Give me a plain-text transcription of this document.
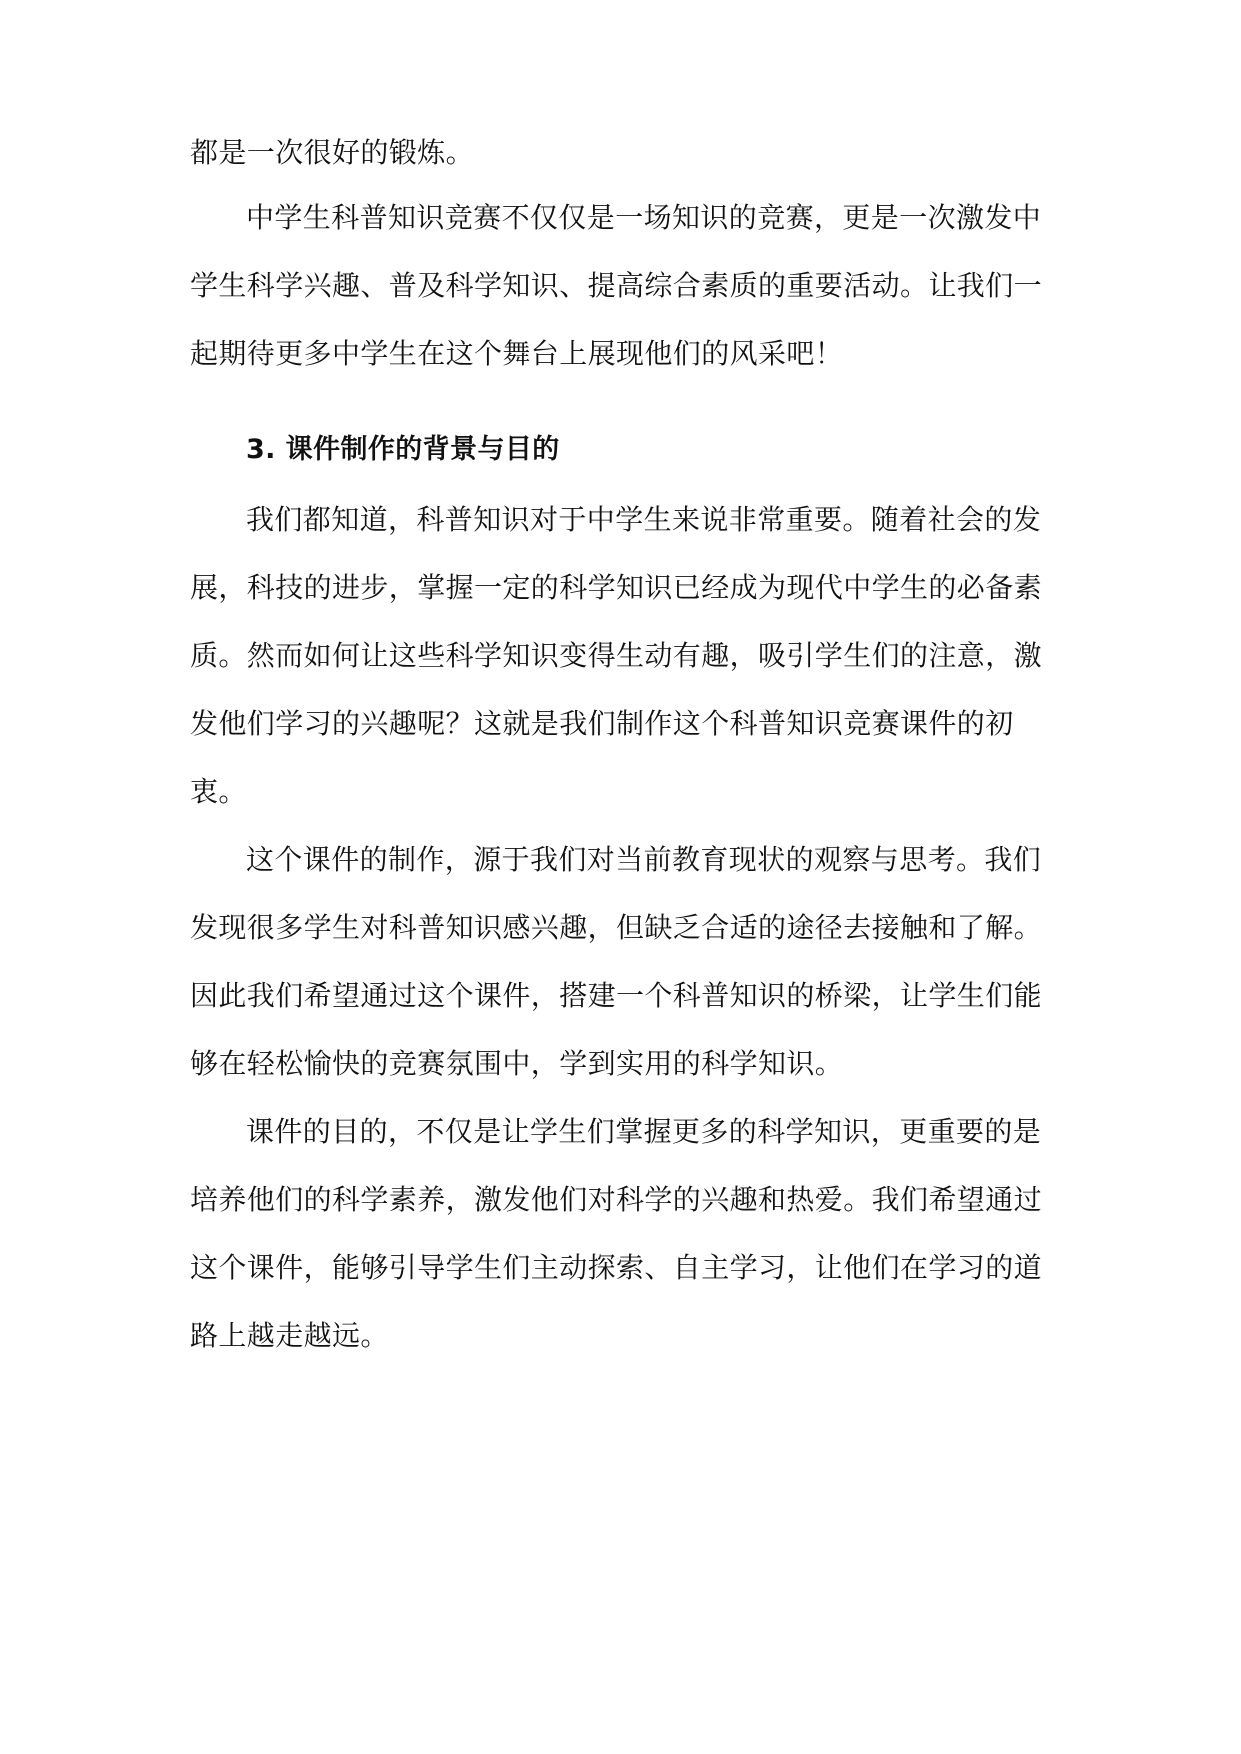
都是一次很好的锻炼。
中学生科普知识竞赛不仅仅是一场知识的竞赛，更是一次激发中
学生科学兴趣、普及科学知识、提高综合素质的重要活动。让我们一
起期待更多中学生在这个舞台上展现他们的风采吧！
3. 课件制作的背景与目的
我们都知道，科普知识对于中学生来说非常重要。随着社会的发
展，科技的进步，掌握一定的科学知识已经成为现代中学生的必备素
质。然而如何让这些科学知识变得生动有趣，吸引学生们的注意，激
发他们学习的兴趣呢？这就是我们制作这个科普知识竞赛课件的初
衷。
这个课件的制作，源于我们对当前教育现状的观察与思考。我们
发现很多学生对科普知识感兴趣，但缺乏合适的途径去接触和了解。
因此我们希望通过这个课件，搭建一个科普知识的桥梁，让学生们能
够在轻松愉快的竞赛氛围中，学到实用的科学知识。
课件的目的，不仅是让学生们掌握更多的科学知识，更重要的是
培养他们的科学素养，激发他们对科学的兴趣和热爱。我们希望通过
这个课件，能够引导学生们主动探索、自主学习，让他们在学习的道
路上越走越远。
